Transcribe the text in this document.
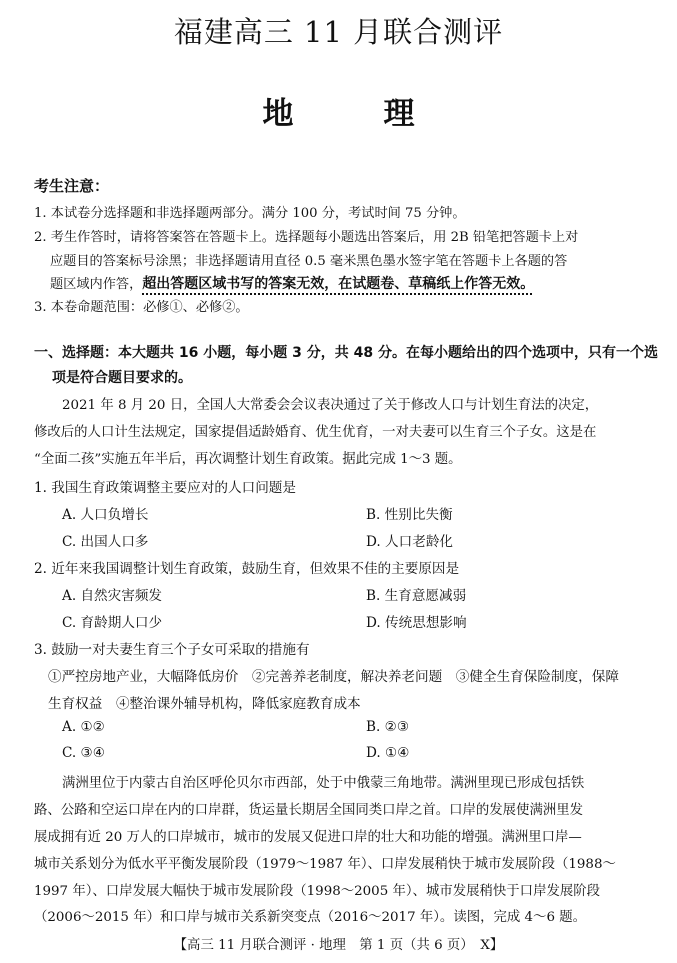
福建高三 11 月联合测评
地	理
考生注意：
1. 本试卷分选择题和非选择题两部分。满分 100 分，考试时间 75 分钟。
2. 考生作答时，请将答案答在答题卡上。选择题每小题选出答案后，用 2B 铅笔把答题卡上对
应题目的答案标号涂黑；非选择题请用直径 0.5 毫米黑色墨水签字笔在答题卡上各题的答
题区域内作答，超出答题区域书写的答案无效，在试题卷、草稿纸上作答无效。
3. 本卷命题范围：必修①、必修②。
一、选择题：本大题共 16 小题，每小题 3 分，共 48 分。在每小题给出的四个选项中，只有一个选
项是符合题目要求的。
2021 年 8 月 20 日，全国人大常委会会议表决通过了关于修改人口与计划生育法的决定，
修改后的人口计生法规定，国家提倡适龄婚育、优生优育，一对夫妻可以生育三个子女。这是在
“全面二孩”实施五年半后，再次调整计划生育政策。据此完成 1～3 题。
1. 我国生育政策调整主要应对的人口问题是
A. 人口负增长	B. 性别比失衡
C. 出国人口多	D. 人口老龄化
2. 近年来我国调整计划生育政策，鼓励生育，但效果不佳的主要原因是
A. 自然灾害频发	B. 生育意愿减弱
C. 育龄期人口少	D. 传统思想影响
3. 鼓励一对夫妻生育三个子女可采取的措施有
①严控房地产业，大幅降低房价　②完善养老制度，解决养老问题　③健全生育保险制度，保障
生育权益　④整治课外辅导机构，降低家庭教育成本
A. ①②	B. ②③
C. ③④	D. ①④
满洲里位于内蒙古自治区呼伦贝尔市西部，处于中俄蒙三角地带。满洲里现已形成包括铁
路、公路和空运口岸在内的口岸群，货运量长期居全国同类口岸之首。口岸的发展使满洲里发
展成拥有近 20 万人的口岸城市，城市的发展又促进口岸的壮大和功能的增强。满洲里口岸—
城市关系划分为低水平平衡发展阶段（1979～1987 年）、口岸发展稍快于城市发展阶段（1988～
1997 年）、口岸发展大幅快于城市发展阶段（1998～2005 年）、城市发展稍快于口岸发展阶段
（2006～2015 年）和口岸与城市关系新突变点（2016～2017 年）。读图，完成 4～6 题。
【高三 11 月联合测评 · 地理　第 1 页（共 6 页）　X】
